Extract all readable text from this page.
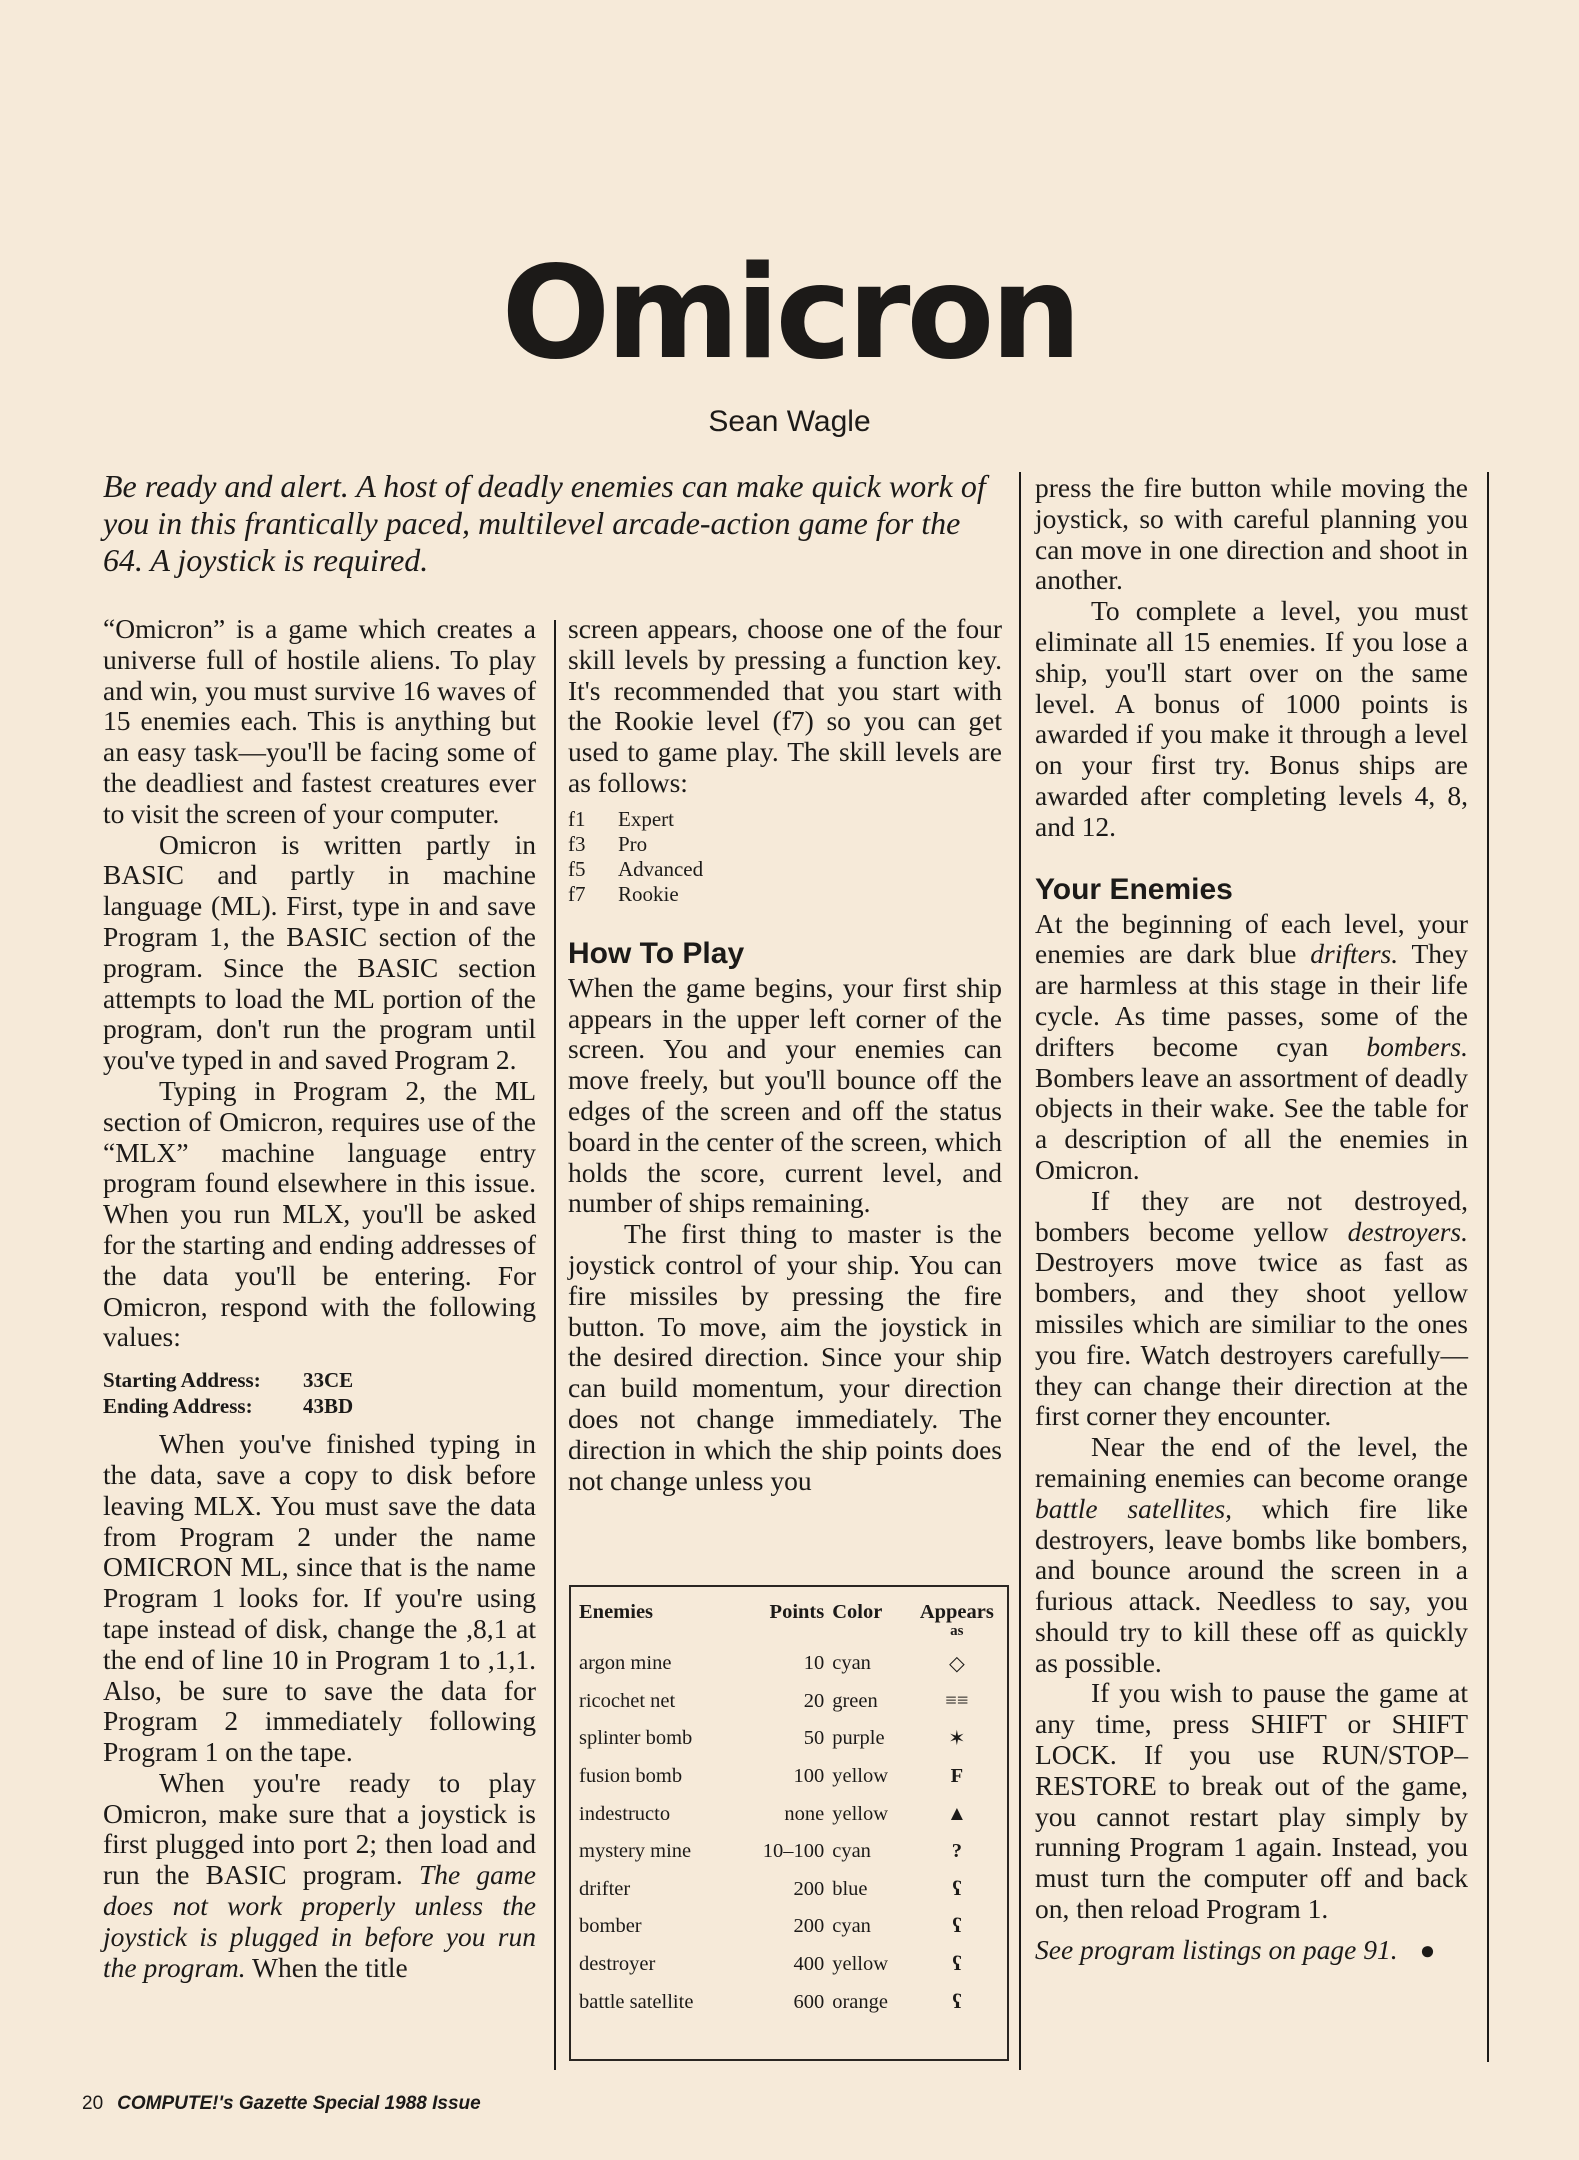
Omicron
Sean Wagle
Be ready and alert. A host of deadly enemies can make quick work of you in this frantically paced, multilevel arcade-action game for the 64. A joystick is required.

“Omicron” is a game which creates a universe full of hostile aliens. To play and win, you must survive 16 waves of 15 enemies each. This is anything but an easy task—you'll be facing some of the deadliest and fastest creatures ever to visit the screen of your computer.

Omicron is written partly in BASIC and partly in machine language (ML). First, type in and save Program 1, the BASIC section of the program. Since the BASIC section attempts to load the ML portion of the program, don't run the program until you've typed in and saved Program 2.

Typing in Program 2, the ML section of Omicron, requires use of the “MLX” machine language entry program found elsewhere in this issue. When you run MLX, you'll be asked for the starting and ending addresses of the data you'll be entering. For Omicron, respond with the following values:

Starting Address: 33CE
Ending Address: 43BD

When you've finished typing in the data, save a copy to disk before leaving MLX. You must save the data from Program 2 under the name OMICRON ML, since that is the name Program 1 looks for. If you're using tape instead of disk, change the ,8,1 at the end of line 10 in Program 1 to ,1,1. Also, be sure to save the data for Program 2 immediately following Program 1 on the tape.

When you're ready to play Omicron, make sure that a joystick is first plugged into port 2; then load and run the BASIC program. The game does not work properly unless the joystick is plugged in before you run the program. When the title

screen appears, choose one of the four skill levels by pressing a function key. It's recommended that you start with the Rookie level (f7) so you can get used to game play. The skill levels are as follows:

f1 Expert
f3 Pro
f5 Advanced
f7 Rookie
How To Play

When the game begins, your first ship appears in the upper left corner of the screen. You and your enemies can move freely, but you'll bounce off the edges of the screen and off the status board in the center of the screen, which holds the score, current level, and number of ships remaining.

The first thing to master is the joystick control of your ship. You can fire missiles by pressing the fire button. To move, aim the joystick in the desired direction. Since your ship can build momentum, your direction does not change immediately. The direction in which the ship points does not change unless you

Enemies	Points	Color	Appears
as

argon mine	10	cyan	◇
ricochet net	20	green	≡≡
splinter bomb	50	purple	✶
fusion bomb	100	yellow	F
indestructo	none	yellow	▲
mystery mine	10–100	cyan	?
drifter	200	blue	ʕ
bomber	200	cyan	ʕ
destroyer	400	yellow	ʕ
battle satellite	600	orange	ʕ

press the fire button while moving the joystick, so with careful planning you can move in one direction and shoot in another.

To complete a level, you must eliminate all 15 enemies. If you lose a ship, you'll start over on the same level. A bonus of 1000 points is awarded if you make it through a level on your first try. Bonus ships are awarded after completing levels 4, 8, and 12.

Your Enemies

At the beginning of each level, your enemies are dark blue drifters. They are harmless at this stage in their life cycle. As time passes, some of the drifters become cyan bombers. Bombers leave an assortment of deadly objects in their wake. See the table for a description of all the enemies in Omicron.

If they are not destroyed, bombers become yellow destroyers. Destroyers move twice as fast as bombers, and they shoot yellow missiles which are similiar to the ones you fire. Watch destroyers carefully—they can change their direction at the first corner they encounter.

Near the end of the level, the remaining enemies can become orange battle satellites, which fire like destroyers, leave bombs like bombers, and bounce around the screen in a furious attack. Needless to say, you should try to kill these off as quickly as possible.

If you wish to pause the game at any time, press SHIFT or SHIFT LOCK. If you use RUN/STOP–RESTORE to break out of the game, you cannot restart play simply by running Program 1 again. Instead, you must turn the computer off and back on, then reload Program 1.

See program listings on page 91. ●

20 COMPUTE!'s Gazette Special 1988 Issue
